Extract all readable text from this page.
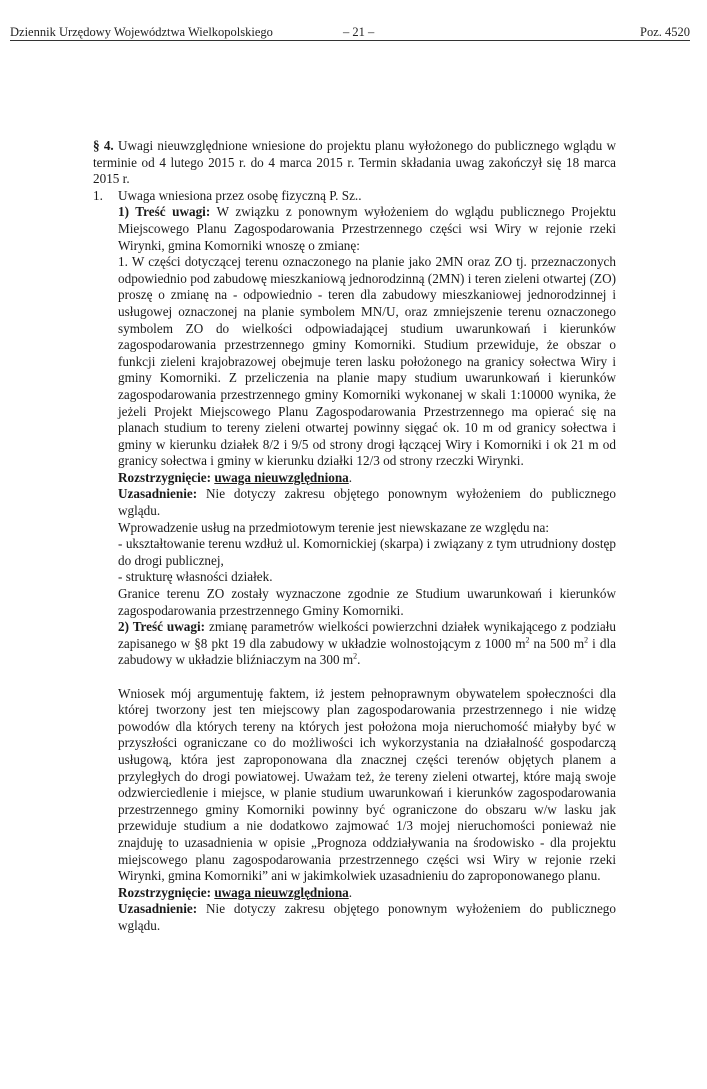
Dziennik Urzędowy Województwa Wielkopolskiego	– 21 –	Poz. 4520

§ 4. Uwagi nieuwzględnione wniesione do projektu planu wyłożonego do publicznego wglądu w terminie od 4 lutego 2015 r. do 4 marca 2015 r. Termin składania uwag zakończył się 18 marca 2015 r.

1.	Uwaga wniesiona przez osobę fizyczną P. Sz..

1) Treść uwagi: W związku z ponownym wyłożeniem do wglądu publicznego Projektu Miejscowego Planu Zagospodarowania Przestrzennego części wsi Wiry w rejonie rzeki Wirynki, gmina Komorniki wnoszę o zmianę:

1. W części dotyczącej terenu oznaczonego na planie jako 2MN oraz ZO tj. przeznaczonych odpowiednio pod zabudowę mieszkaniową jednorodzinną (2MN) i teren zieleni otwartej (ZO) proszę o zmianę na - odpowiednio - teren dla zabudowy mieszkaniowej jednorodzinnej i usługowej oznaczonej na planie symbolem MN/U, oraz zmniejszenie terenu oznaczonego symbolem ZO do wielkości odpowiadającej studium uwarunkowań i kierunków zagospodarowania przestrzennego gminy Komorniki. Studium przewiduje, że obszar o funkcji zieleni krajobrazowej obejmuje teren lasku położonego na granicy sołectwa Wiry i gminy Komorniki. Z przeliczenia na planie mapy studium uwarunkowań i kierunków zagospodarowania przestrzennego gminy Komorniki wykonanej w skali 1:10000 wynika, że jeżeli Projekt Miejscowego Planu Zagospodarowania Przestrzennego ma opierać się na planach studium to tereny zieleni otwartej powinny sięgać ok. 10 m od granicy sołectwa i gminy w kierunku działek 8/2 i 9/5 od strony drogi łączącej Wiry i Komorniki i ok 21 m od granicy sołectwa i gminy w kierunku działki 12/3 od strony rzeczki Wirynki.

Rozstrzygnięcie: uwaga nieuwzględniona.

Uzasadnienie: Nie dotyczy zakresu objętego ponownym wyłożeniem do publicznego wglądu.

Wprowadzenie usług na przedmiotowym terenie jest niewskazane ze względu na:

- ukształtowanie terenu wzdłuż ul. Komornickiej (skarpa) i związany z tym utrudniony dostęp do drogi publicznej,

- strukturę własności działek.

Granice terenu ZO zostały wyznaczone zgodnie ze Studium uwarunkowań i kierunków zagospodarowania przestrzennego Gminy Komorniki.

2) Treść uwagi: zmianę parametrów wielkości powierzchni działek wynikającego z podziału zapisanego w §8 pkt 19 dla zabudowy w układzie wolnostojącym z 1000 $m^2$ na 500 $m^2$ i dla zabudowy w układzie bliźniaczym na 300 $m^2$.

Wniosek mój argumentuję faktem, iż jestem pełnoprawnym obywatelem społeczności dla której tworzony jest ten miejscowy plan zagospodarowania przestrzennego i nie widzę powodów dla których tereny na których jest położona moja nieruchomość miałyby być w przyszłości ograniczane co do możliwości ich wykorzystania na działalność gospodarczą usługową, która jest zaproponowana dla znacznej części terenów objętych planem a przyległych do drogi powiatowej. Uważam też, że tereny zieleni otwartej, które mają swoje odzwierciedlenie i miejsce, w planie studium uwarunkowań i kierunków zagospodarowania przestrzennego gminy Komorniki powinny być ograniczone do obszaru w/w lasku jak przewiduje studium a nie dodatkowo zajmować 1/3 mojej nieruchomości ponieważ nie znajduję to uzasadnienia w opisie „Prognoza oddziaływania na środowisko - dla projektu miejscowego planu zagospodarowania przestrzennego części wsi Wiry w rejonie rzeki Wirynki, gmina Komorniki” ani w jakimkolwiek uzasadnieniu do zaproponowanego planu.

Rozstrzygnięcie: uwaga nieuwzględniona.

Uzasadnienie: Nie dotyczy zakresu objętego ponownym wyłożeniem do publicznego wglądu.
